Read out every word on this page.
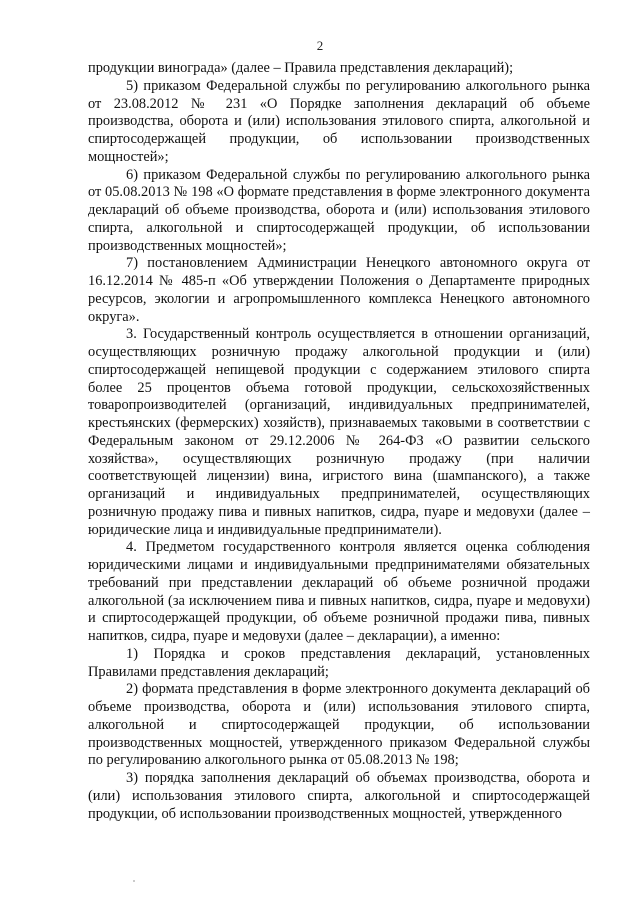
2

продукции винограда» (далее – Правила представления деклараций);

5) приказом Федеральной службы по регулированию алкогольного рынка от 23.08.2012 № 231 «О Порядке заполнения деклараций об объеме производства, оборота и (или) использования этилового спирта, алкогольной и спиртосодержащей продукции, об использовании производственных мощностей»;

6) приказом Федеральной службы по регулированию алкогольного рынка от 05.08.2013 № 198 «О формате представления в форме электронного документа деклараций об объеме производства, оборота и (или) использования этилового спирта, алкогольной и спиртосодержащей продукции, об использовании производственных мощностей»;

7) постановлением Администрации Ненецкого автономного округа от 16.12.2014 № 485-п «Об утверждении Положения о Департаменте природных ресурсов, экологии и агропромышленного комплекса Ненецкого автономного округа».

3. Государственный контроль осуществляется в отношении организаций, осуществляющих розничную продажу алкогольной продукции и (или) спиртосодержащей непищевой продукции с содержанием этилового спирта более 25 процентов объема готовой продукции, сельскохозяйственных товаропроизводителей (организаций, индивидуальных предпринимателей, крестьянских (фермерских) хозяйств), признаваемых таковыми в соответствии с Федеральным законом от 29.12.2006 № 264-ФЗ «О развитии сельского хозяйства», осуществляющих розничную продажу (при наличии соответствующей лицензии) вина, игристого вина (шампанского), а также организаций и индивидуальных предпринимателей, осуществляющих розничную продажу пива и пивных напитков, сидра, пуаре и медовухи (далее – юридические лица и индивидуальные предприниматели).

4. Предметом государственного контроля является оценка соблюдения юридическими лицами и индивидуальными предпринимателями обязательных требований при представлении деклараций об объеме розничной продажи алкогольной (за исключением пива и пивных напитков, сидра, пуаре и медовухи) и спиртосодержащей продукции, об объеме розничной продажи пива, пивных напитков, сидра, пуаре и медовухи (далее – декларации), а именно:

1) Порядка и сроков представления деклараций, установленных Правилами представления деклараций;

2) формата представления в форме электронного документа деклараций об объеме производства, оборота и (или) использования этилового спирта, алкогольной и спиртосодержащей продукции, об использовании производственных мощностей, утвержденного приказом Федеральной службы по регулированию алкогольного рынка от 05.08.2013 № 198;

3) порядка заполнения деклараций об объемах производства, оборота и (или) использования этилового спирта, алкогольной и спиртосодержащей продукции, об использовании производственных мощностей, утвержденного
